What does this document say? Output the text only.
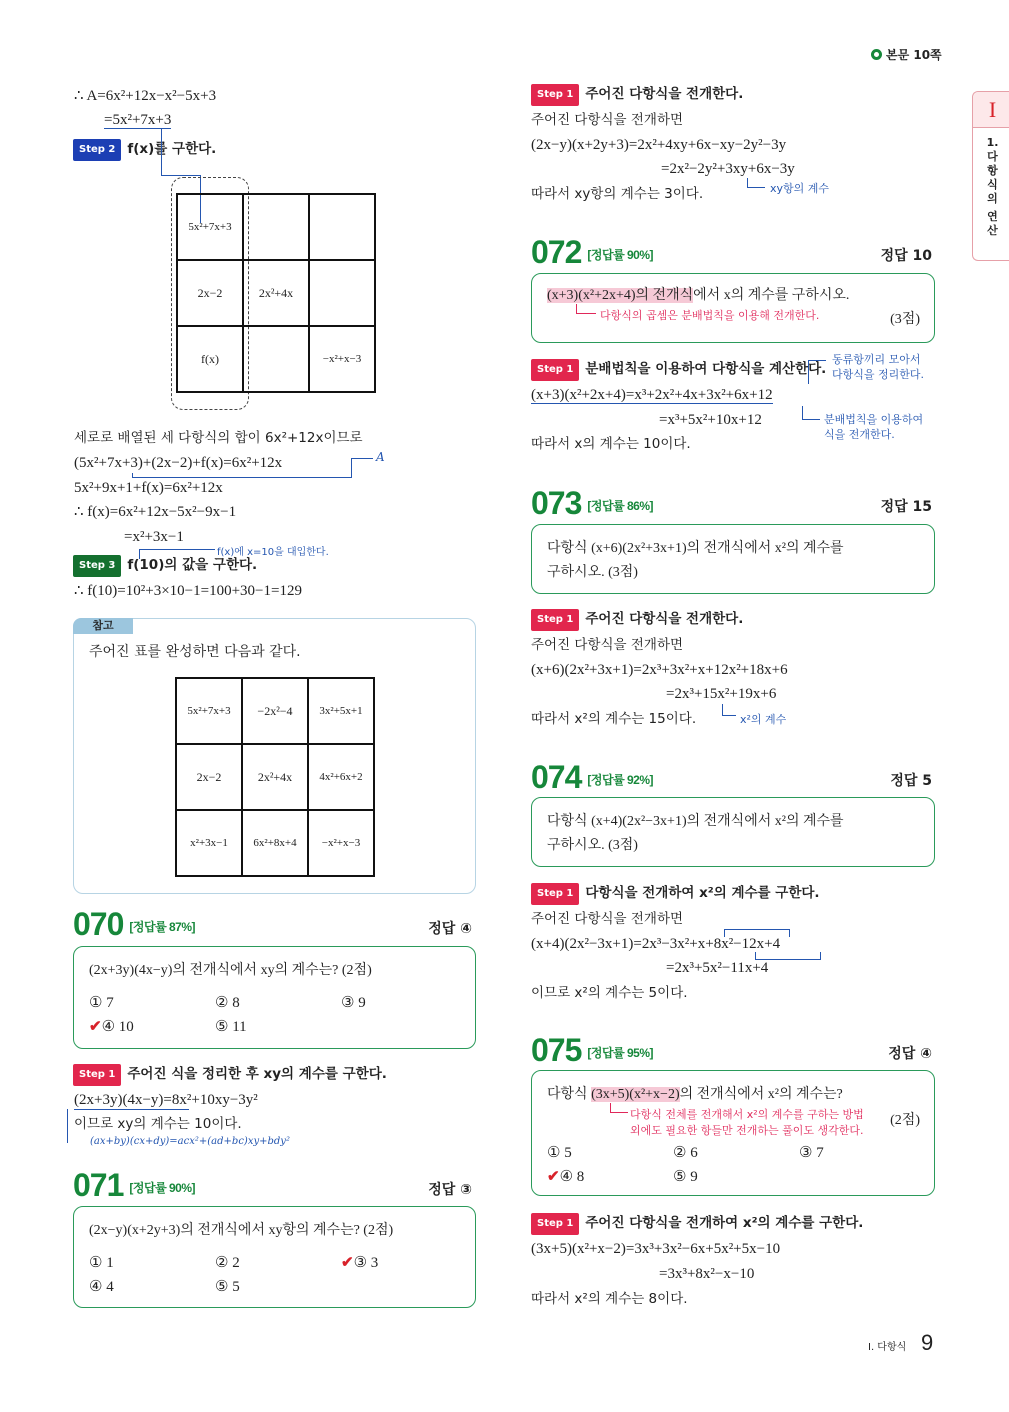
본문 10쪽
I
1.
다
항
식
의
연
산
∴ A=6x²+12x−x²−5x+3
=5x²+7x+3
Step 2 f(x)를 구한다.
5x²+7x+3		
2x−2	2x²+4x	
f(x)		−x²+x−3
세로로 배열된 세 다항식의 합이 6x²+12x이므로
(5x²+7x+3)+(2x−2)+f(x)=6x²+12x	A
5x²+9x+1+f(x)=6x²+12x
∴ f(x)=6x²+12x−5x²−9x−1
=x²+3x−1
f(x)에 x=10을 대입한다.
Step 3 f(10)의 값을 구한다.
∴ f(10)=10²+3×10−1=100+30−1=129
참고
주어진 표를 완성하면 다음과 같다.
5x²+7x+3	−2x²−4	3x²+5x+1
2x−2	2x²+4x	4x²+6x+2
x²+3x−1	6x²+8x+4	−x²+x−3
070 [정답률 87%]	정답 ④
(2x+3y)(4x−y)의 전개식에서 xy의 계수는? (2점)
① 7	② 8	③ 9
✔④ 10	⑤ 11
Step 1 주어진 식을 정리한 후 xy의 계수를 구한다.
(2x+3y)(4x−y)=8x²+10xy−3y²
이므로 xy의 계수는 10이다.
(ax+by)(cx+dy)=acx²+(ad+bc)xy+bdy²
071 [정답률 90%]	정답 ③
(2x−y)(x+2y+3)의 전개식에서 xy항의 계수는? (2점)
① 1	② 2	✔③ 3
④ 4	⑤ 5
Step 1 주어진 다항식을 전개한다.
주어진 다항식을 전개하면
(2x−y)(x+2y+3)=2x²+4xy+6x−xy−2y²−3y
=2x²−2y²+3xy+6x−3y
xy항의 계수
따라서 xy항의 계수는 3이다.
072 [정답률 90%]	정답 10
(x+3)(x²+2x+4)의 전개식에서 x의 계수를 구하시오.
다항식의 곱셈은 분배법칙을 이용해 전개한다.	(3점)
Step 1 분배법칙을 이용하여 다항식을 계산한다.
동류항끼리 모아서
다항식을 정리한다.
(x+3)(x²+2x+4)=x³+2x²+4x+3x²+6x+12
=x³+5x²+10x+12	분배법칙을 이용하여
식을 전개한다.
따라서 x의 계수는 10이다.
073 [정답률 86%]	정답 15
다항식 (x+6)(2x²+3x+1)의 전개식에서 x²의 계수를
구하시오. (3점)
Step 1 주어진 다항식을 전개한다.
주어진 다항식을 전개하면
(x+6)(2x²+3x+1)=2x³+3x²+x+12x²+18x+6
=2x³+15x²+19x+6
x²의 계수
따라서 x²의 계수는 15이다.
074 [정답률 92%]	정답 5
다항식 (x+4)(2x²−3x+1)의 전개식에서 x²의 계수를
구하시오. (3점)
Step 1 다항식을 전개하여 x²의 계수를 구한다.
주어진 다항식을 전개하면
(x+4)(2x²−3x+1)=2x³−3x²+x+8x²−12x+4
=2x³+5x²−11x+4
이므로 x²의 계수는 5이다.
075 [정답률 95%]	정답 ④
다항식 (3x+5)(x²+x−2)의 전개식에서 x²의 계수는?
다항식 전체를 전개해서 x²의 계수를 구하는 방법
외에도 필요한 항들만 전개하는 풀이도 생각한다.
(2점)
① 5	② 6	③ 7
✔④ 8	⑤ 9
Step 1 주어진 다항식을 전개하여 x²의 계수를 구한다.
(3x+5)(x²+x−2)=3x³+3x²−6x+5x²+5x−10
=3x³+8x²−x−10
따라서 x²의 계수는 8이다.
I. 다항식 9
